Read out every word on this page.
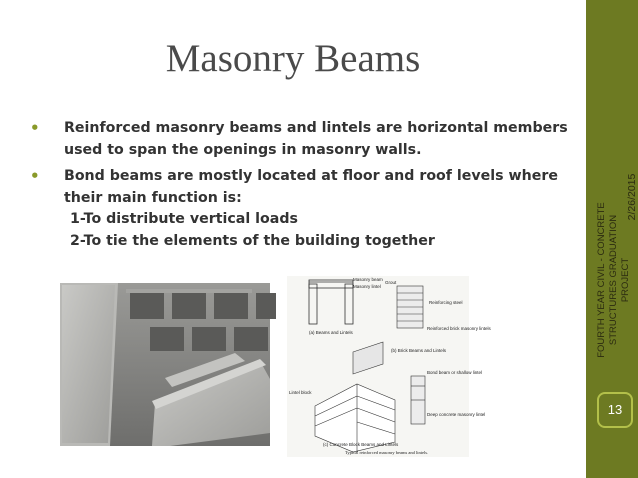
Masonry Beams
• Reinforced masonry beams and lintels are horizontal members used to span the openings in masonry walls.
• Bond beams are mostly located at floor and roof levels where their main function is:
1-To distribute vertical loads
2-To tie the elements of the building together
Masonry beam
Masonry lintel
(a) Beams and Lintels
Grout
Reinforcing steel
Reinforced brick masonry lintels
(b) Brick Beams and Lintels
Lintel block
Bond beam or shallow lintel
Deep concrete masonry lintel
(c) Concrete Block Beams and Lintels
Typical reinforced masonry beams and lintels.
2/26/2015
FOURTH YEAR CIVIL - CONCRETE
STRUCTURES GRADUATION
PROJECT
13
